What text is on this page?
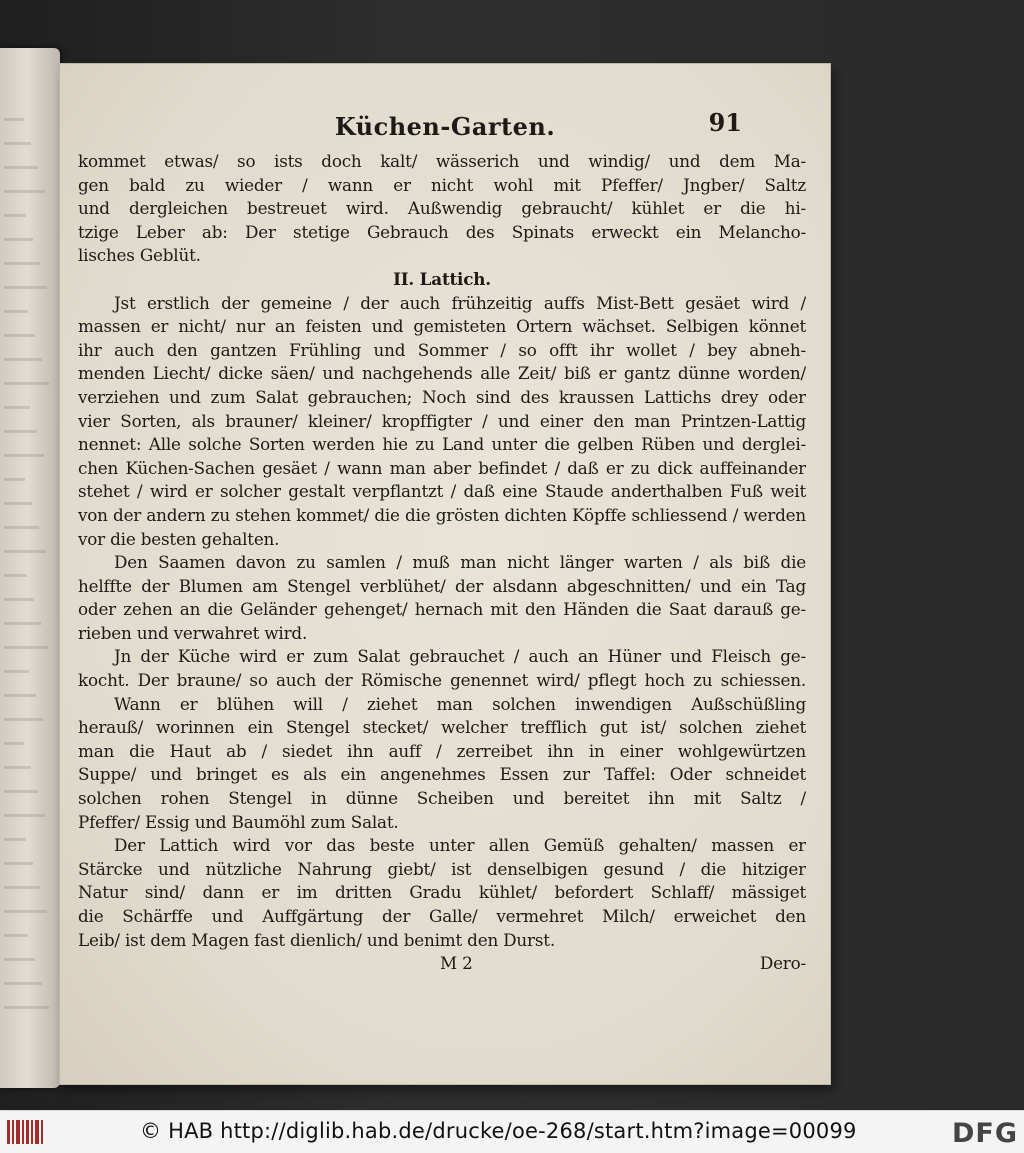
Küchen-Garten.	91
kommet etwas/ so ists doch kalt/ wässerich und windig/ und dem Ma-
gen bald zu wieder / wann er nicht wohl mit Pfeffer/ Jngber/ Saltz
und dergleichen bestreuet wird. Außwendig gebraucht/ kühlet er die hi-
tzige Leber ab: Der stetige Gebrauch des Spinats erweckt ein Melancho-
lisches Geblüt.
II. Lattich.
Jst erstlich der gemeine / der auch frühzeitig auffs Mist-Bett gesäet wird /
massen er nicht/ nur an feisten und gemisteten Ortern wächset. Selbigen könnet
ihr auch den gantzen Frühling und Sommer / so offt ihr wollet / bey abneh-
menden Liecht/ dicke säen/ und nachgehends alle Zeit/ biß er gantz dünne worden/
verziehen und zum Salat gebrauchen; Noch sind des kraussen Lattichs drey oder
vier Sorten, als brauner/ kleiner/ kropffigter / und einer den man Printzen-Lattig
nennet: Alle solche Sorten werden hie zu Land unter die gelben Rüben und derglei-
chen Küchen-Sachen gesäet / wann man aber befindet / daß er zu dick auffeinander
stehet / wird er solcher gestalt verpflantzt / daß eine Staude anderthalben Fuß weit
von der andern zu stehen kommet/ die die grösten dichten Köpffe schliessend / werden
vor die besten gehalten.
Den Saamen davon zu samlen / muß man nicht länger warten / als biß die
helffte der Blumen am Stengel verblühet/ der alsdann abgeschnitten/ und ein Tag
oder zehen an die Geländer gehenget/ hernach mit den Händen die Saat darauß ge-
rieben und verwahret wird.
Jn der Küche wird er zum Salat gebrauchet / auch an Hüner und Fleisch ge-
kocht. Der braune/ so auch der Römische genennet wird/ pflegt hoch zu schiessen.
Wann er blühen will / ziehet man solchen inwendigen Außschüßling
herauß/ worinnen ein Stengel stecket/ welcher trefflich gut ist/ solchen ziehet
man die Haut ab / siedet ihn auff / zerreibet ihn in einer wohlgewürtzen
Suppe/ und bringet es als ein angenehmes Essen zur Taffel: Oder schneidet
solchen rohen Stengel in dünne Scheiben und bereitet ihn mit Saltz /
Pfeffer/ Essig und Baumöhl zum Salat.
Der Lattich wird vor das beste unter allen Gemüß gehalten/ massen er
Stärcke und nützliche Nahrung giebt/ ist denselbigen gesund / die hitziger
Natur sind/ dann er im dritten Gradu kühlet/ befordert Schlaff/ mässiget
die Schärffe und Auffgärtung der Galle/ vermehret Milch/ erweichet den
Leib/ ist dem Magen fast dienlich/ und benimt den Durst.
M 2	Dero-
© HAB http://diglib.hab.de/drucke/oe-268/start.htm?image=00099	DFG
